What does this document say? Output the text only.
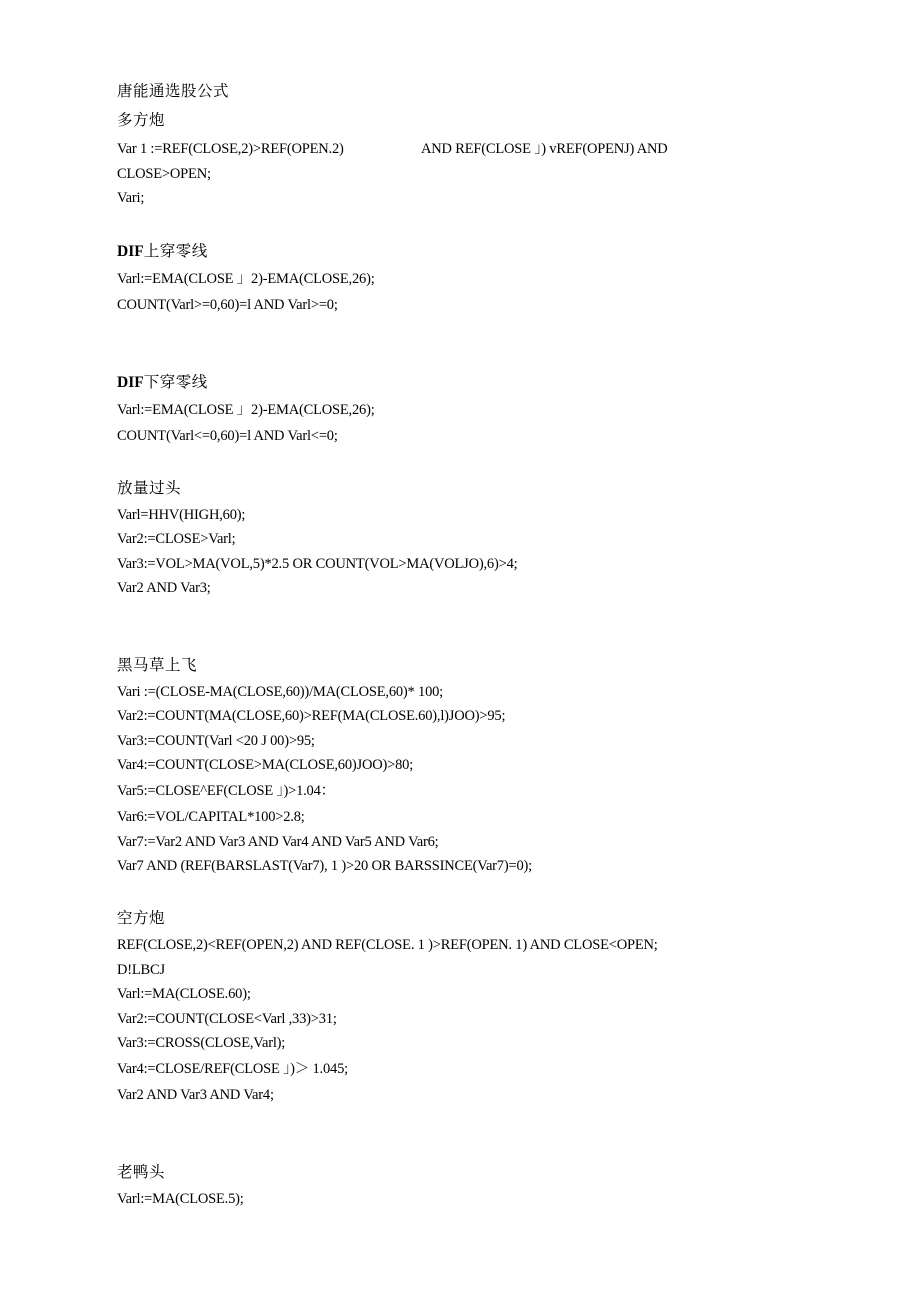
唐能通选股公式
多方炮
Var 1 :=REF(CLOSE,2)>REF(OPEN.2)	AND REF(CLOSE 」) vREF(OPENJ) AND
CLOSE>OPEN;
Vari;
DIF上穿零线
Varl:=EMA(CLOSE 」2)-EMA(CLOSE,26);
COUNT(Varl>=0,60)=l AND Varl>=0;
DIF下穿零线
Varl:=EMA(CLOSE 」2)-EMA(CLOSE,26);
COUNT(Varl<=0,60)=l AND Varl<=0;
放量过头
Varl=HHV(HIGH,60);
Var2:=CLOSE>Varl;
Var3:=VOL>MA(VOL,5)*2.5 OR COUNT(VOL>MA(VOLJO),6)>4;
Var2 AND Var3;
黑马草上飞
Vari :=(CLOSE-MA(CLOSE,60))/MA(CLOSE,60)* 100;
Var2:=COUNT(MA(CLOSE,60)>REF(MA(CLOSE.60),l)JOO)>95;
Var3:=COUNT(Varl <20 J 00)>95;
Var4:=COUNT(CLOSE>MA(CLOSE,60)JOO)>80;
Var5:=CLOSE^EF(CLOSE 」)>1.04：
Var6:=VOL/CAPITAL*100>2.8;
Var7:=Var2 AND Var3 AND Var4 AND Var5 AND Var6;
Var7 AND (REF(BARSLAST(Var7), 1 )>20 OR BARSSINCE(Var7)=0);
空方炮
REF(CLOSE,2)<REF(OPEN,2) AND REF(CLOSE. 1 )>REF(OPEN. 1) AND CLOSE<OPEN;
D!LBCJ
Varl:=MA(CLOSE.60);
Var2:=COUNT(CLOSE<Varl ,33)>31;
Var3:=CROSS(CLOSE,Varl);
Var4:=CLOSE/REF(CLOSE 」)＞ 1.045;
Var2 AND Var3 AND Var4;
老鸭头
Varl:=MA(CLOSE.5);
